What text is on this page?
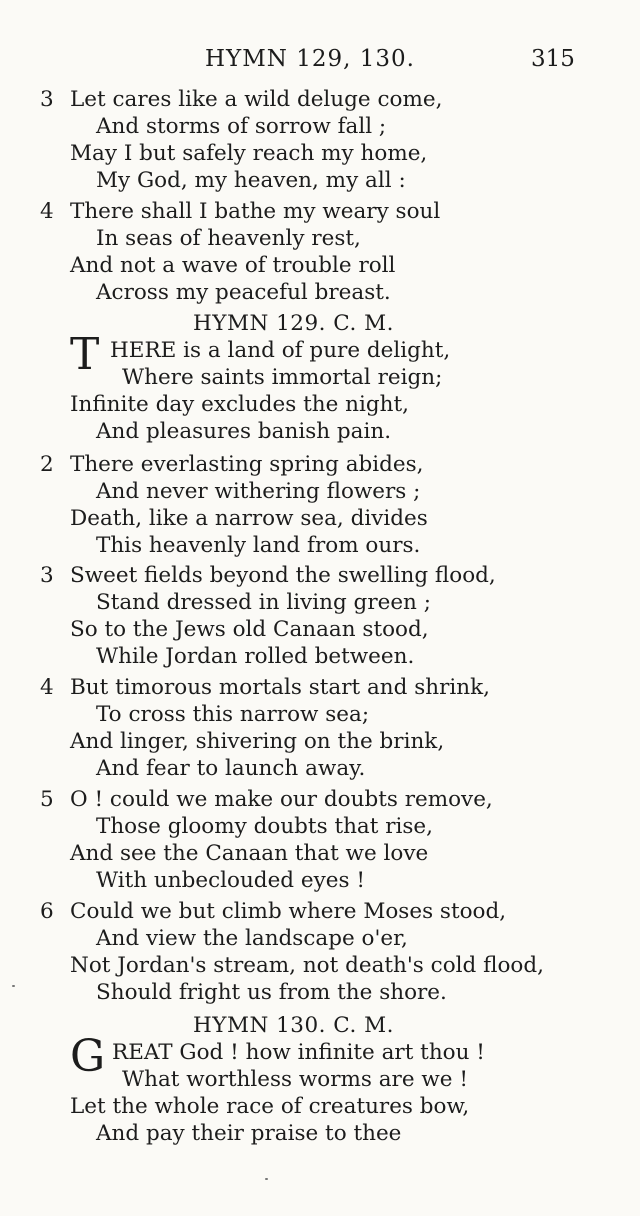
HYMN 129, 130.	315
3 Let cares like a wild deluge come,
And storms of sorrow fall ;
May I but safely reach my home,
My God, my heaven, my all :
4 There shall I bathe my weary soul
In seas of heavenly rest,
And not a wave of trouble roll
Across my peaceful breast.
HYMN 129. C. M.
T HERE is a land of pure delight,
Where saints immortal reign;
Infinite day excludes the night,
And pleasures banish pain.
2 There everlasting spring abides,
And never withering flowers ;
Death, like a narrow sea, divides
This heavenly land from ours.
3 Sweet fields beyond the swelling flood,
Stand dressed in living green ;
So to the Jews old Canaan stood,
While Jordan rolled between.
4 But timorous mortals start and shrink,
To cross this narrow sea;
And linger, shivering on the brink,
And fear to launch away.
5 O ! could we make our doubts remove,
Those gloomy doubts that rise,
And see the Canaan that we love
With unbeclouded eyes !
6 Could we but climb where Moses stood,
And view the landscape o'er,
Not Jordan's stream, not death's cold flood,
Should fright us from the shore.
HYMN 130. C. M.
G REAT God ! how infinite art thou !
What worthless worms are we !
Let the whole race of creatures bow,
And pay their praise to thee
